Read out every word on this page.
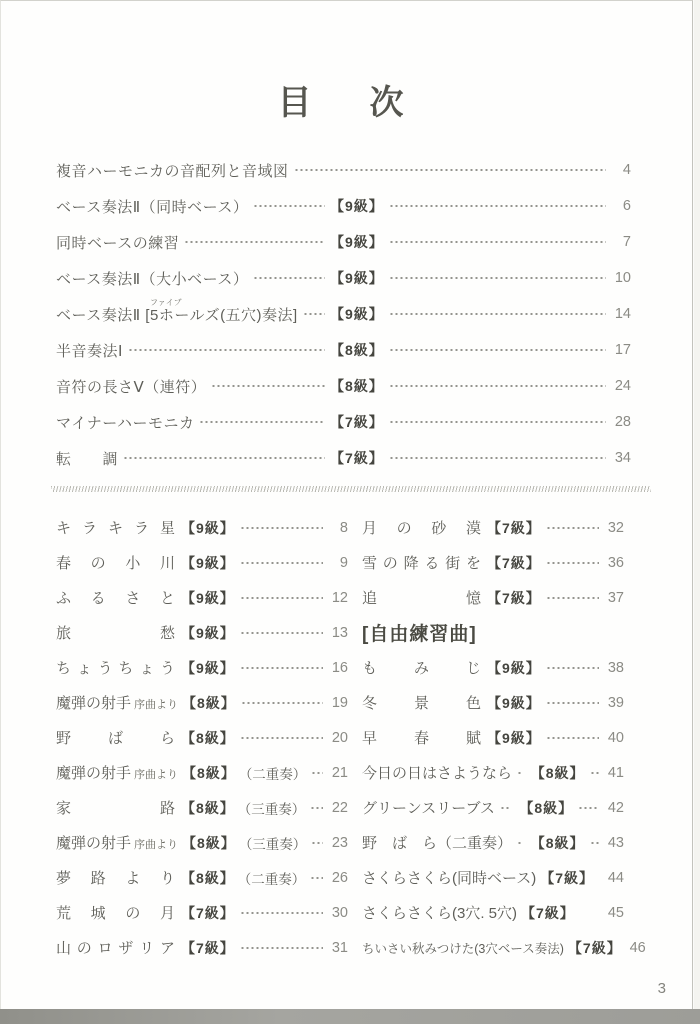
目　次
複音ハーモニカの音配列と音域図	4
ベース奏法Ⅱ（同時ベース）	【9級】	6
同時ベースの練習	【9級】	7
ベース奏法Ⅱ（大小ベース）	【9級】	10
ベース奏法Ⅱ [5
ファイブ
ホールズ(五穴)奏法] 【9級】	14
半音奏法Ⅰ	【8級】	17
音符の長さⅤ（連符）	【8級】	24
マイナーハーモニカ	【7級】	28
転　　調	【7級】	34
キラキラ星 【9級】	8
春の小川 【9級】	9
ふるさと 【9級】	12
旅愁 【9級】	13
ちょうちょう 【9級】	16
魔弾の射手 序曲より 【8級】	19
野ばら 【8級】	20
魔弾の射手 序曲より 【8級】 （二重奏） 21
家路 【8級】 （三重奏） 22
魔弾の射手 序曲より 【8級】 （三重奏） 23
夢路より 【8級】 （二重奏） 26
荒城の月 【7級】	30
山のロザリア 【7級】	31
月の砂漠 【7級】	32
雪の降る街を 【7級】	36
追憶 【7級】	37
[自由練習曲]
もみじ 【9級】	38
冬景色 【9級】	39
早春賦 【9級】	40
今日の日はさようなら 【8級】 41
グリーンスリーブス 【8級】 42
野　ば　ら（二重奏） 【8級】 43
さくらさくら(同時ベース) 【7級】 44
さくらさくら(3穴. 5穴) 【7級】 45
ちいさい秋みつけた(3穴ベース奏法) 【7級】 46
3
